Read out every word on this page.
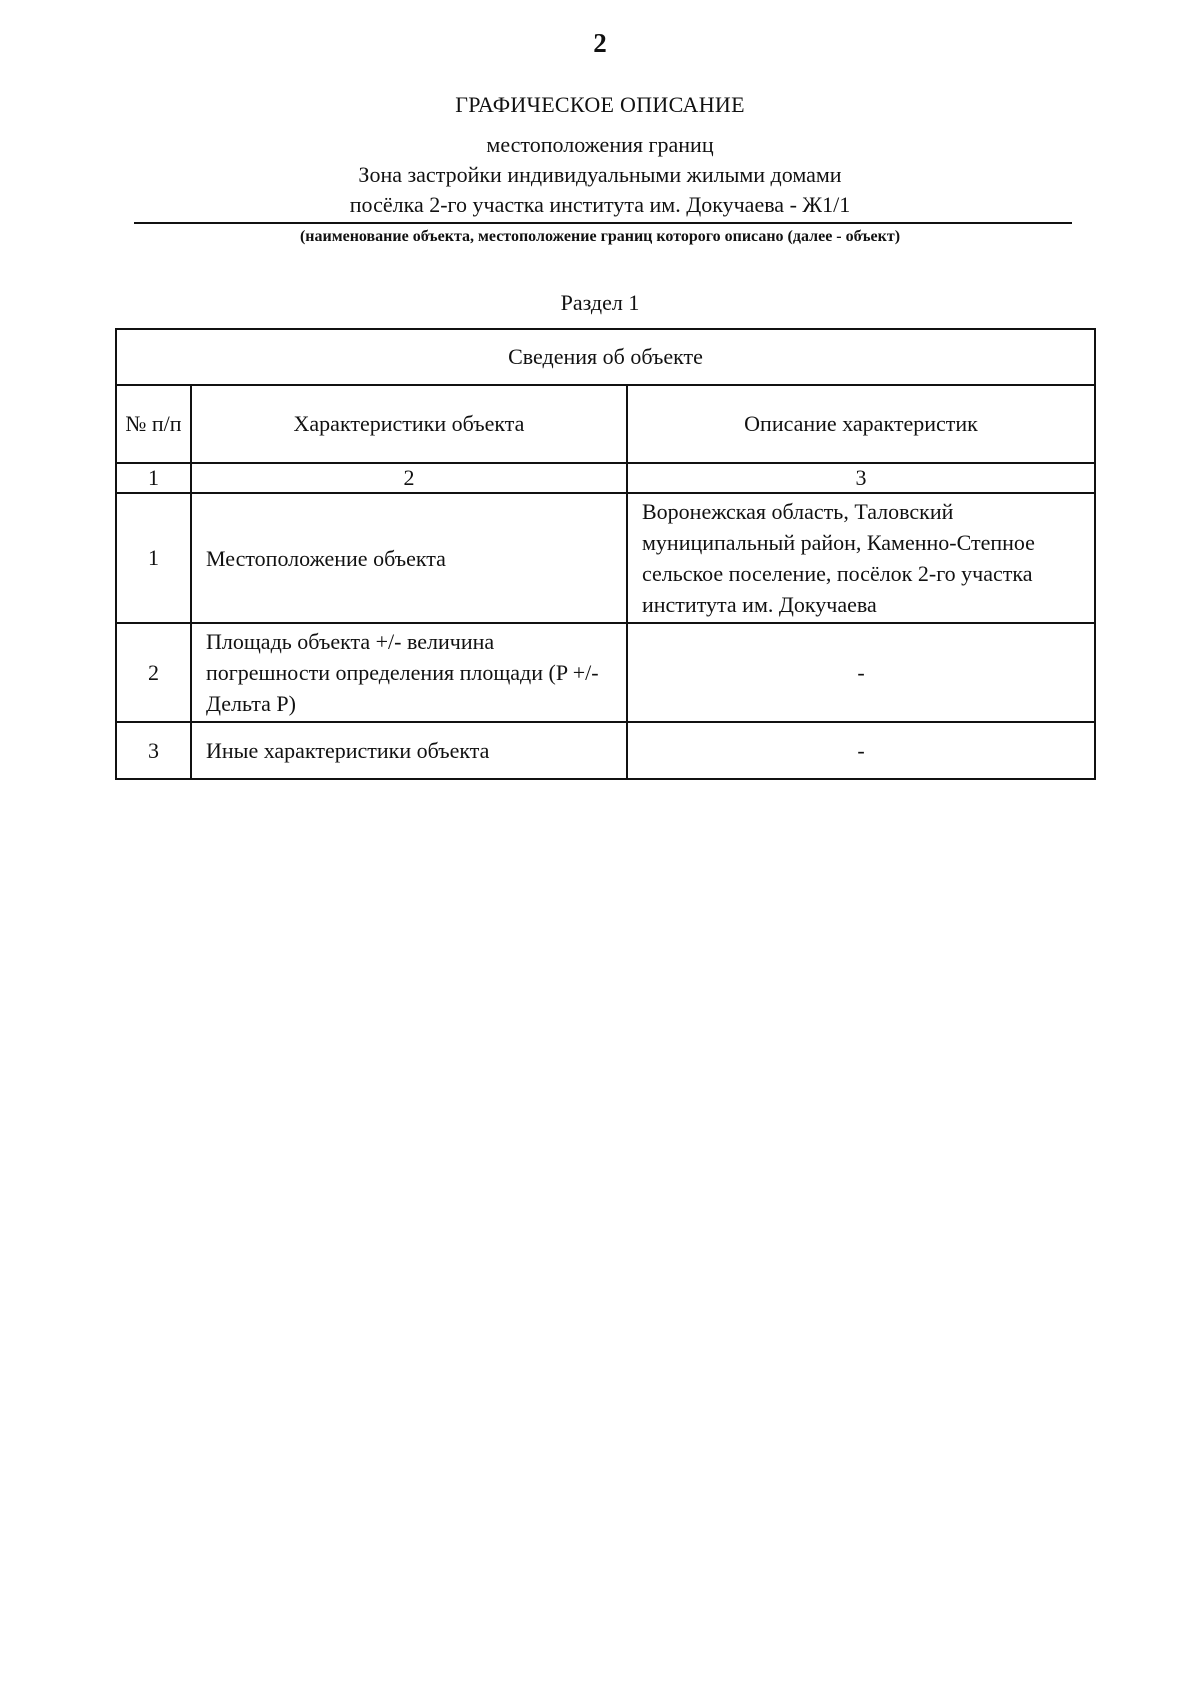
2
ГРАФИЧЕСКОЕ ОПИСАНИЕ
местоположения границ
Зона застройки индивидуальными жилыми домами
посёлка 2-го участка института им. Докучаева - Ж1/1
(наименование объекта, местоположение границ которого описано (далее - объект)
Раздел 1
Сведения об объекте		
№ п/п	Характеристики объекта	Описание характеристик
1	2	3
1	Местоположение объекта	Воронежская область, Таловский муниципальный район, Каменно-Степное сельское поселение, посёлок 2-го участка института им. Докучаева
2	Площадь объекта +/- величина погрешности определения площади (P +/- Дельта P)	-
3	Иные характеристики объекта	-
